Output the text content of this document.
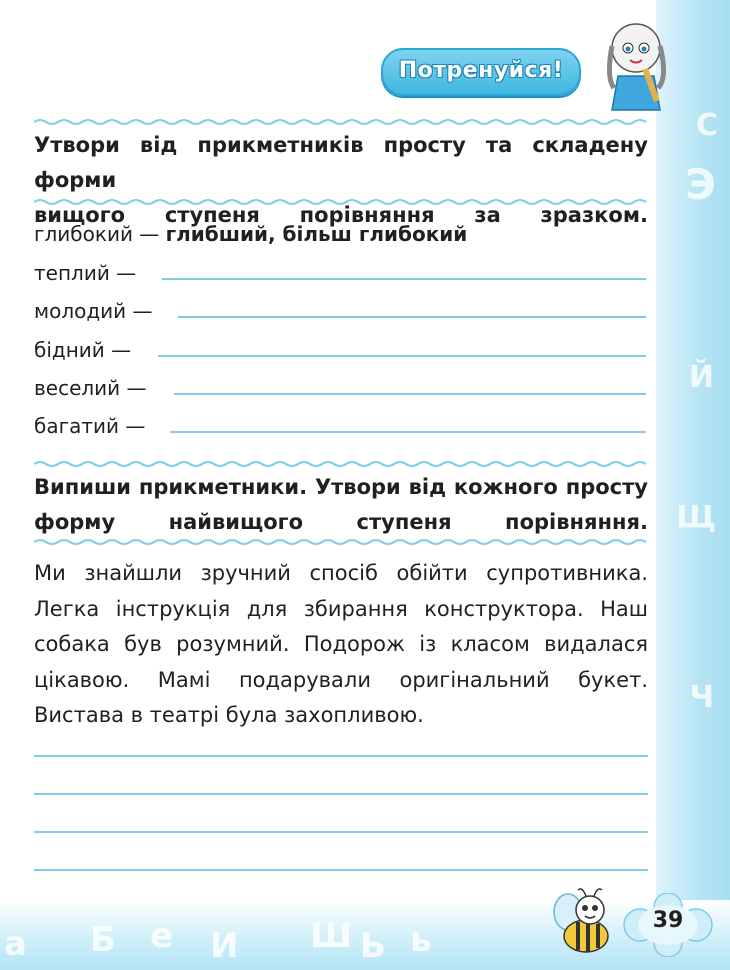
С
Э
Й
Щ
Ч
а Б е И Ш Ь ь
Потренуйся!
Утвори від прикметників просту та складену форми
вищого ступеня порівняння за зразком.
глибокий — глибший, більш глибокий
теплий —
молодий —
бідний —
веселий —
багатий —
Випиши прикметники. Утвори від кожного просту
форму найвищого ступеня порівняння.
Ми знайшли зручний спосіб обійти супротивника. Легка інструкція для збирання конструктора. Наш собака був розумний. Подорож із класом видалася цікавою. Мамі подарували оригінальний букет. Вистава в театрі була захопливою.
39
